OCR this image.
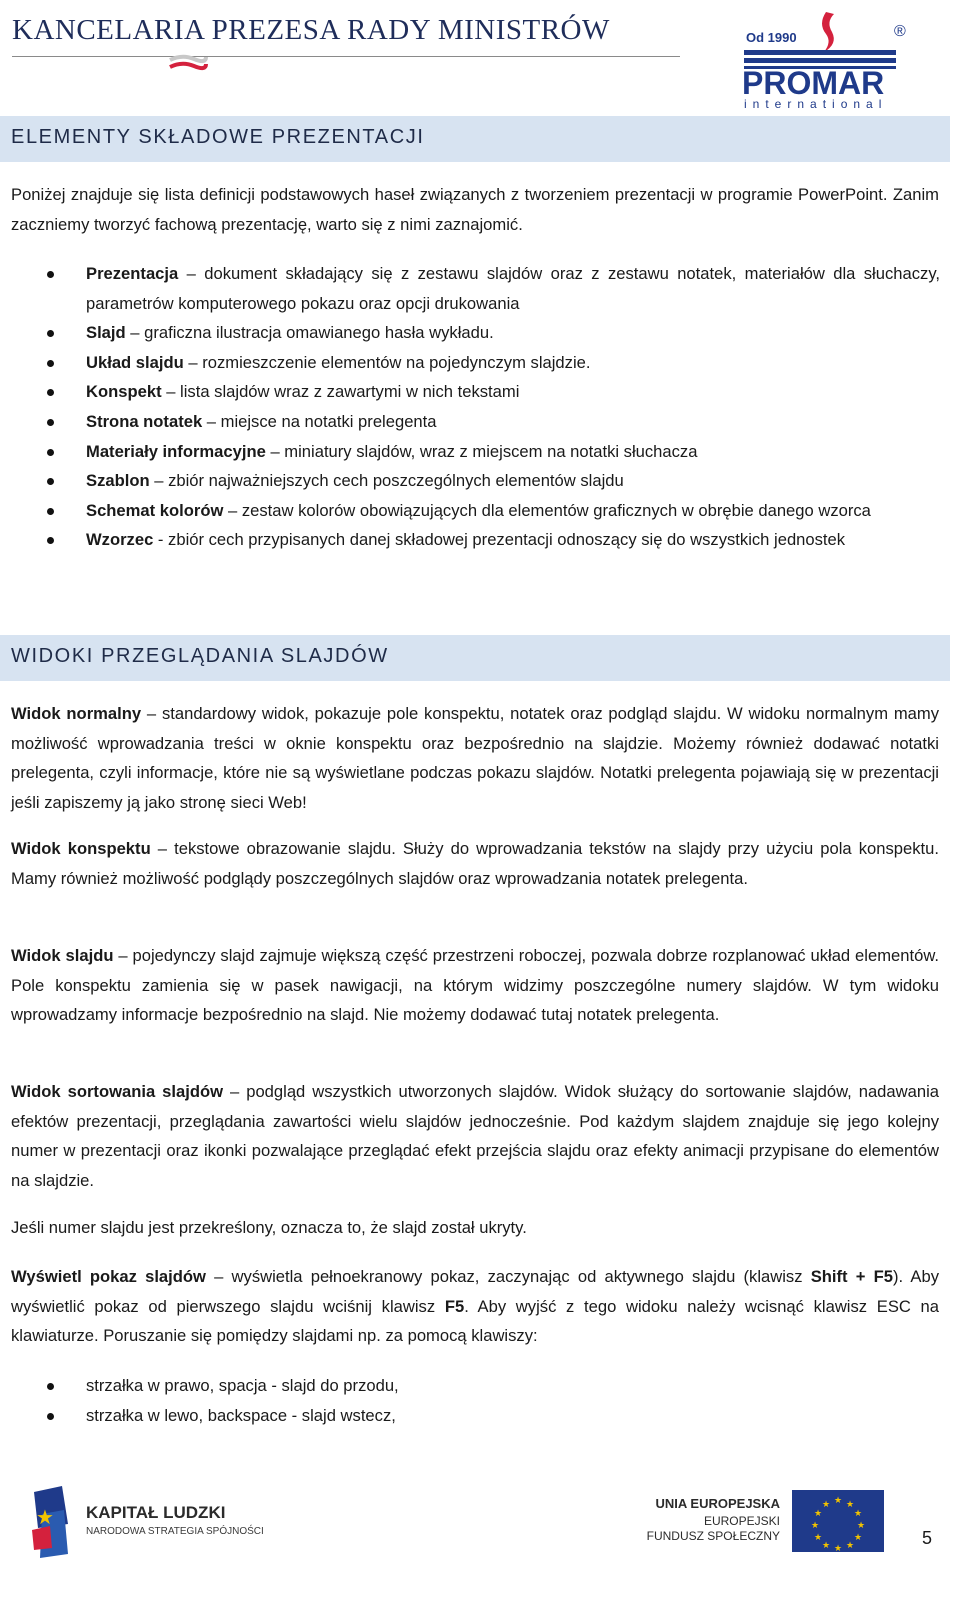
KANCELARIA PREZESA RADY MINISTRÓW	Od 1990	®
PROMAR
international
ELEMENTY SKŁADOWE PREZENTACJI

Poniżej znajduje się lista definicji podstawowych haseł związanych z tworzeniem prezentacji w programie PowerPoint. Zanim zaczniemy tworzyć fachową prezentację, warto się z nimi zaznajomić.

Prezentacja – dokument składający się z zestawu slajdów oraz z zestawu notatek, materiałów dla słuchaczy, parametrów komputerowego pokazu oraz opcji drukowania
Slajd – graficzna ilustracja omawianego hasła wykładu.
Układ slajdu – rozmieszczenie elementów na pojedynczym slajdzie.
Konspekt – lista slajdów wraz z zawartymi w nich tekstami
Strona notatek – miejsce na notatki prelegenta
Materiały informacyjne – miniatury slajdów, wraz z miejscem na notatki słuchacza
Szablon – zbiór najważniejszych cech poszczególnych elementów slajdu
Schemat kolorów – zestaw kolorów obowiązujących dla elementów graficznych w obrębie danego wzorca
Wzorzec - zbiór cech przypisanych danej składowej prezentacji odnoszący się do wszystkich jednostek
WIDOKI PRZEGLĄDANIA SLAJDÓW

Widok normalny – standardowy widok, pokazuje pole konspektu, notatek oraz podgląd slajdu. W widoku normalnym mamy możliwość wprowadzania treści w oknie konspektu oraz bezpośrednio na slajdzie. Możemy również dodawać notatki prelegenta, czyli informacje, które nie są wyświetlane podczas pokazu slajdów. Notatki prelegenta pojawiają się w prezentacji jeśli zapiszemy ją jako stronę sieci Web!

Widok konspektu – tekstowe obrazowanie slajdu. Służy do wprowadzania tekstów na slajdy przy użyciu pola konspektu. Mamy również możliwość podglądy poszczególnych slajdów oraz wprowadzania notatek prelegenta.

Widok slajdu – pojedynczy slajd zajmuje większą część przestrzeni roboczej, pozwala dobrze rozplanować układ elementów. Pole konspektu zamienia się w pasek nawigacji, na którym widzimy poszczególne numery slajdów. W tym widoku wprowadzamy informacje bezpośrednio na slajd. Nie możemy dodawać tutaj notatek prelegenta.

Widok sortowania slajdów – podgląd wszystkich utworzonych slajdów. Widok służący do sortowanie slajdów, nadawania efektów prezentacji, przeglądania zawartości wielu slajdów jednocześnie. Pod każdym slajdem znajduje się jego kolejny numer w prezentacji oraz ikonki pozwalające przeglądać efekt przejścia slajdu oraz efekty animacji przypisane do elementów na slajdzie.

Jeśli numer slajdu jest przekreślony, oznacza to, że slajd został ukryty.

Wyświetl pokaz slajdów – wyświetla pełnoekranowy pokaz, zaczynając od aktywnego slajdu (klawisz Shift + F5). Aby wyświetlić pokaz od pierwszego slajdu wciśnij klawisz F5. Aby wyjść z tego widoku należy wcisnąć klawisz ESC na klawiaturze. Poruszanie się pomiędzy slajdami np. za pomocą klawiszy:

strzałka w prawo, spacja - slajd do przodu,
strzałka w lewo, backspace - slajd wstecz,
★ KAPITAŁ LUDZKI
NARODOWA STRATEGIA SPÓJNOŚCI
UNIA EUROPEJSKA
EUROPEJSKI
FUNDUSZ SPOŁECZNY
★ ★
★
★
★
★
★
★
★
★
★
★
5
